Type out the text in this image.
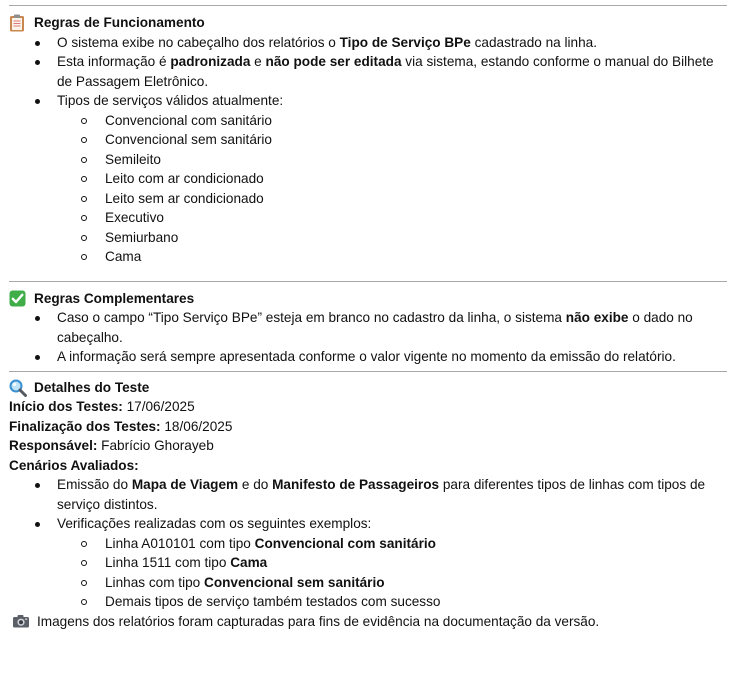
Regras de Funcionamento
O sistema exibe no cabeçalho dos relatórios o Tipo de Serviço BPe cadastrado na linha.
Esta informação é padronizada e não pode ser editada via sistema, estando conforme o manual do Bilhete de Passagem Eletrônico.
Tipos de serviços válidos atualmente:
Convencional com sanitário
Convencional sem sanitário
Semileito
Leito com ar condicionado
Leito sem ar condicionado
Executivo
Semiurbano
Cama
Regras Complementares
Caso o campo “Tipo Serviço BPe” esteja em branco no cadastro da linha, o sistema não exibe o dado no cabeçalho.
A informação será sempre apresentada conforme o valor vigente no momento da emissão do relatório.
Detalhes do Teste
Início dos Testes: 17/06/2025
Finalização dos Testes: 18/06/2025
Responsável: Fabrício Ghorayeb
Cenários Avaliados:
Emissão do Mapa de Viagem e do Manifesto de Passageiros para diferentes tipos de linhas com tipos de serviço distintos.
Verificações realizadas com os seguintes exemplos:
Linha A010101 com tipo Convencional com sanitário
Linha 1511 com tipo Cama
Linhas com tipo Convencional sem sanitário
Demais tipos de serviço também testados com sucesso
Imagens dos relatórios foram capturadas para fins de evidência na documentação da versão.
